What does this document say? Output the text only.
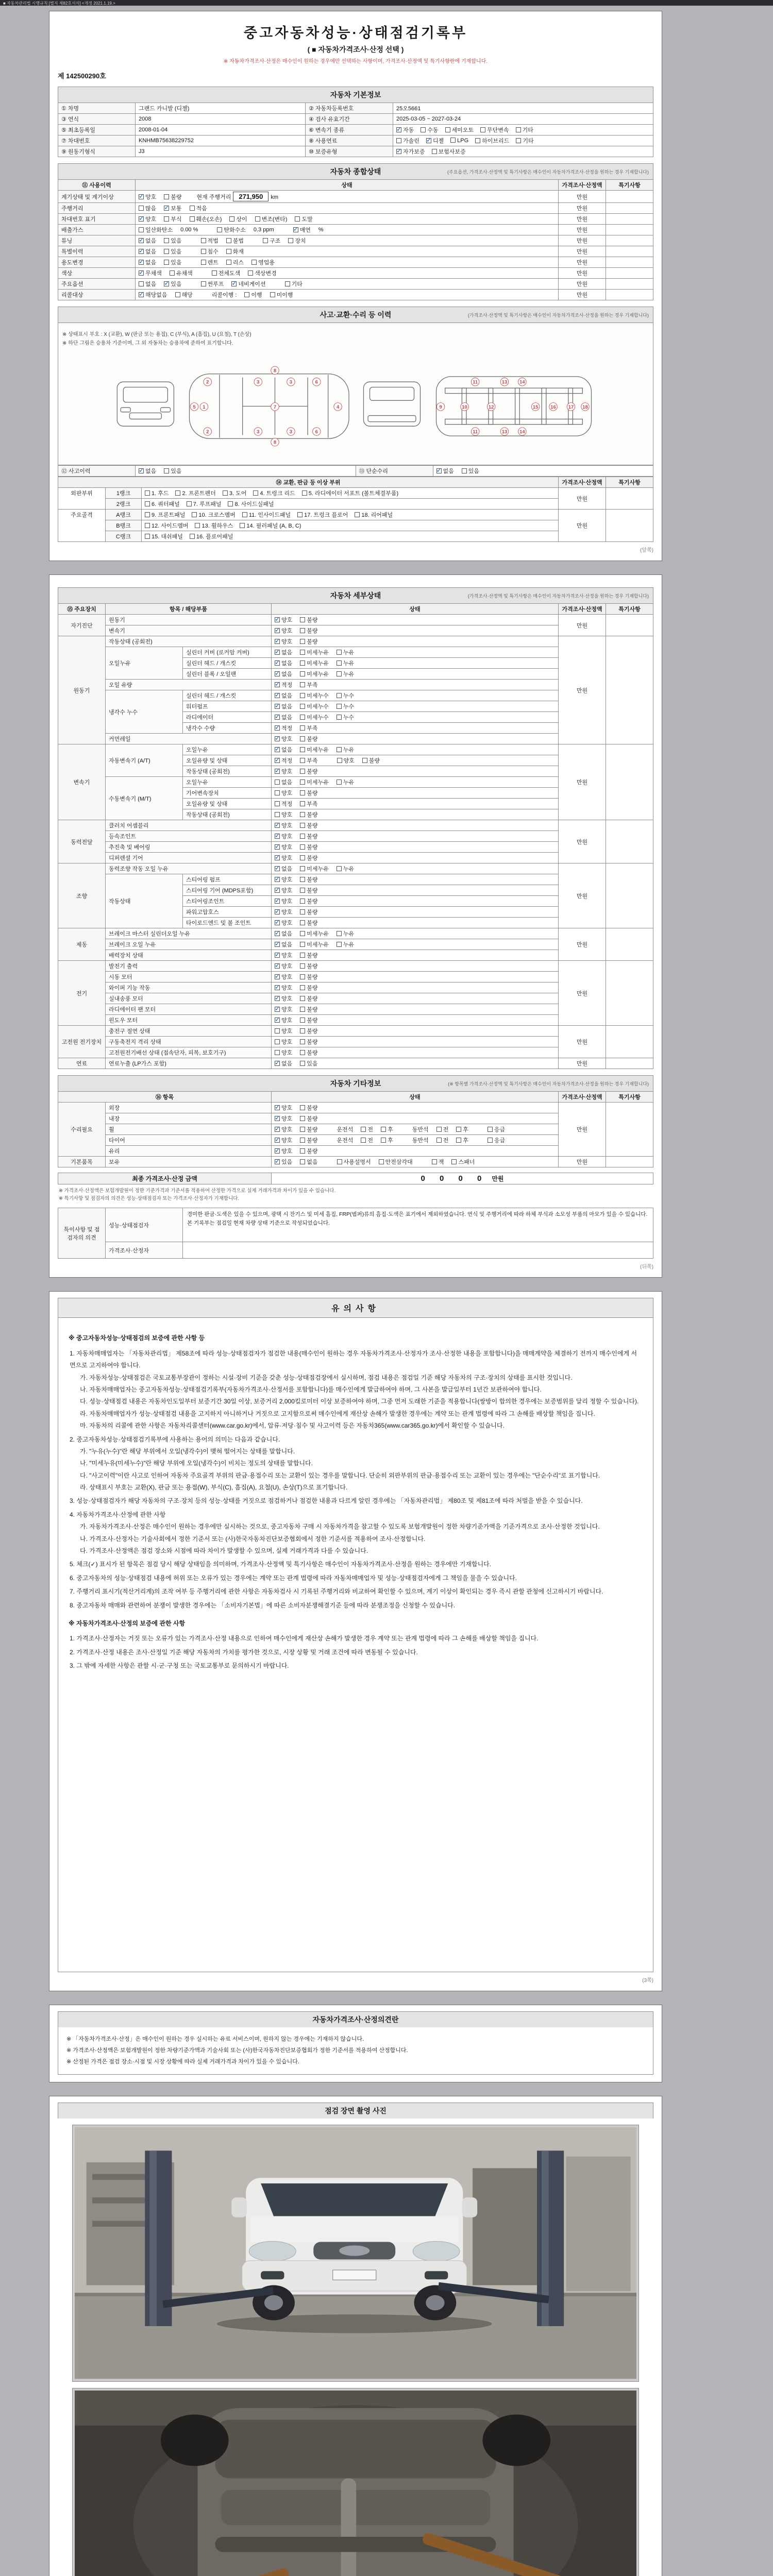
■ 자동차관리법 시행규칙 [별지 제82호서식] <개정 2021.1.19.>
중고자동차성능·상태점검기록부
( ■ 자동차가격조사·산정 선택 )
※ 자동차가격조사·산정은 매수인이 원하는 경우에만 선택하는 사항이며, 가격조사·산정액 및 특기사항란에 기재합니다.
제 142500290호
자동차 기본정보
① 차명	그랜드 카니발 (디젤)	② 자동차등록번호	25오5661
③ 연식	2008	④ 검사 유효기간	2025-03-05 ~ 2027-03-24
⑤ 최초등록일	2008-01-04	⑥ 변속기 종류 ✓	자동	수동	세미오토	무단변속	기타
⑦ 차대번호	KNHMB75638229752	⑧ 사용연료	가솔린 ✓	디젤	LPG	하이브리드	기타
⑨ 원동기형식	J3	⑩ 보증유형 ✓	자가보증	보험사보증
자동차 종합상태	(주요옵션, 가격조사·산정액 및 특기사항은 매수인이 자동차가격조사·산정을 원하는 경우 기재합니다)
⑪ 사용이력	상태	가격조사·산정액	특기사항
계기상태 및 계기이상 ✓	양호	불량	현재 주행거리 271,950 km	만원
주행거리	많음 ✓	보통	적음	만원
차대번호 표기 ✓	양호	부식	훼손(오손)	상이	변조(변타)	도말	만원
배출가스	일산화탄소 0.00 %	탄화수소 0.3 ppm ✓	매연 %	만원
튜닝 ✓	없음	있음	적법	불법	구조	장치	만원
특별이력 ✓	없음	있음	침수	화재	만원
용도변경 ✓	없음	있음	렌트	리스	영업용	만원
색상 ✓	무채색	유채색	전체도색	색상변경	만원
주요옵션	없음 ✓	있음	썬루프 ✓	네비게이션	기타	만원
리콜대상 ✓	해당없음	해당	리콜이행 :	이행	미이행	만원
사고·교환·수리 등 이력	(가격조사·산정액 및 특기사항은 매수인이 자동차가격조사·산정을 원하는 경우 기재합니다)
※ 상태표시 부호 : X (교환), W (판금 또는 용접), C (부식), A (흠집), U (요철), T (손상)
※ 하단 그림은 승용차 기준이며, 그 외 자동차는 승용차에 준하여 표기합니다.
1
2
2
3
3
3
3
4
5
6
6
7
8
8
9	10
11
11
12
13
13
14
14
15 16 17 18
⑫ 사고이력 ✓	없음	있음	⑬ 단순수리 ✓	없음	있음
⑭ 교환, 판금 등 이상 부위	가격조사·산정액	특기사항
외판부위	1랭크	1. 후드	2. 프론트펜더	3. 도어	4. 트렁크 리드	5. 라디에이터 서포트 (볼트체결부품)
2랭크	6. 쿼터패널	7. 루프패널	8. 사이드실패널
만원
주요골격	A랭크	9. 프론트패널	10. 크로스멤버	11. 인사이드패널	17. 트렁크 플로어	18. 리어패널
B랭크	12. 사이드멤버	13. 휠하우스	14. 필러패널 (A, B, C)
C랭크	15. 대쉬패널	16. 플로어패널
만원
(앞쪽)
자동차 세부상태	(가격조사·산정액 및 특기사항은 매수인이 자동차가격조사·산정을 원하는 경우 기재합니다)
⑮ 주요장치	항목 / 해당부품	상태	가격조사·산정액	특기사항
자기진단
원동기 ✓	양호	불량
변속기 ✓	양호	불량
만원
원동기
작동상태 (공회전) ✓	양호	불량
오일누유
실린더 커버 (로커암 커버) ✓	없음	미세누유	누유
실린더 헤드 / 개스킷 ✓	없음	미세누유	누유
실린더 블록 / 오일팬 ✓	없음	미세누유	누유
오일 유량 ✓	적정	부족
냉각수 누수
실린더 헤드 / 개스킷 ✓	없음	미세누수	누수
워터펌프 ✓	없음	미세누수	누수
라디에이터 ✓	없음	미세누수	누수
냉각수 수량 ✓	적정	부족
커먼레일 ✓	양호	불량
만원
변속기
자동변속기 (A/T)
오일누유 ✓	없음	미세누유	누유
오일유량 및 상태 ✓	적정	부족	양호	불량
작동상태 (공회전) ✓	양호	불량
수동변속기 (M/T)
오일누유	없음	미세누유	누유
기어변속장치	양호	불량
오일유량 및 상태	적정	부족
작동상태 (공회전)	양호	불량
만원
동력전달
클러치 어셈블리 ✓	양호	불량
등속조인트 ✓	양호	불량
추진축 및 베어링 ✓	양호	불량
디퍼렌셜 기어 ✓	양호	불량
만원
조향
동력조향 작동 오일 누유 ✓	없음	미세누유	누유
작동상태
스티어링 펌프 ✓	양호	불량
스티어링 기어 (MDPS포함) ✓	양호	불량
스티어링조인트 ✓	양호	불량
파워고압호스 ✓	양호	불량
타이로드엔드 및 볼 조인트 ✓	양호	불량
만원
제동
브레이크 마스터 실린더오일 누유 ✓	없음	미세누유	누유
브레이크 오일 누유 ✓	없음	미세누유	누유
배력장치 상태 ✓	양호	불량
만원
전기
발전기 출력 ✓	양호	불량
시동 모터 ✓	양호	불량
와이퍼 기능 작동 ✓	양호	불량
실내송풍 모터 ✓	양호	불량
라디에이터 팬 모터 ✓	양호	불량
윈도우 모터 ✓	양호	불량
만원
고전원 전기장치
충전구 절연 상태	양호	불량
구동축전지 격리 상태	양호	불량
고전원전기배선 상태 (접속단자, 피복, 보호기구)	양호	불량
만원
연료	연료누출 (LP가스 포함) ✓	없음	있음	만원
자동차 기타정보	(※ 항목별 가격조사·산정액 및 특기사항은 매수인이 자동차가격조사·산정을 원하는 경우 기재합니다)
⑯ 항목	상태	가격조사·산정액	특기사항
수리필요
외장 ✓	양호	불량
내장 ✓	양호	불량
휠 ✓	양호	불량	운전석	전	후	동반석	전	후	응급
타이어 ✓	양호	불량	운전석	전	후	동반석	전	후	응급
유리 ✓	양호	불량
만원
기본품목	보유 ✓	있음	없음	사용설명서	안전삼각대	잭	스패너	만원
최종 가격조사·산정 금액	0 0 0 0 만원
※ 가격조사·산정액은 보험개발원이 정한 기준가격과 기준서를 적용하여 산정한 가격으로 실제 거래가격과 차이가 있을 수 있습니다.
※ 특기사항 및 점검자의 의견은 성능·상태점검자 또는 가격조사·산정자가 기재합니다.
특이사항 및 점검자의 의견
성능·상태점검자
경미한 판금·도색은 있을 수 있으며, 광택 시 잔기스 및 미세 흠집, FRP(범퍼)류의 흠집·도색은 표기에서 제외하였습니다. 연식 및 주행거리에 따라 하체 부식과 소모성 부품의 마모가 있을 수 있습니다. 본 기록부는 점검일 현재 차량 상태 기준으로 작성되었습니다.
가격조사·산정자
(뒤쪽)
유의사항
※ 중고자동차성능·상태점검의 보증에 관한 사항 등
1. 자동차매매업자는 「자동차관리법」 제58조에 따라 성능·상태점검자가 점검한 내용(매수인이 원하는 경우 자동차가격조사·산정자가 조사·산정한 내용을 포함합니다)을 매매계약을 체결하기 전까지 매수인에게 서면으로 고지하여야 합니다.
가. 자동차성능·상태점검은 국토교통부장관이 정하는 시설·장비 기준을 갖춘 성능·상태점검장에서 실시하며, 점검 내용은 점검일 기준 해당 자동차의 구조·장치의 상태를 표시한 것입니다.
나. 자동차매매업자는 중고자동차성능·상태점검기록부(자동차가격조사·산정서를 포함합니다)를 매수인에게 발급하여야 하며, 그 사본을 발급일부터 1년간 보관하여야 합니다.
다. 성능·상태점검 내용은 자동차인도일부터 보증기간 30일 이상, 보증거리 2,000킬로미터 이상 보증하여야 하며, 그중 먼저 도래한 기준을 적용합니다(쌍방이 합의한 경우에는 보증범위를 달리 정할 수 있습니다).
라. 자동차매매업자가 성능·상태점검 내용을 고지하지 아니하거나 거짓으로 고지함으로써 매수인에게 재산상 손해가 발생한 경우에는 계약 또는 관계 법령에 따라 그 손해를 배상할 책임을 집니다.
마. 자동차의 리콜에 관한 사항은 자동차리콜센터(www.car.go.kr)에서, 압류·저당·침수 및 사고이력 등은 자동차365(www.car365.go.kr)에서 확인할 수 있습니다.
2. 중고자동차성능·상태점검기록부에 사용하는 용어의 의미는 다음과 같습니다.
가. "누유(누수)"란 해당 부위에서 오일(냉각수)이 맺혀 떨어지는 상태를 말합니다.
나. "미세누유(미세누수)"란 해당 부위에 오일(냉각수)이 비치는 정도의 상태를 말합니다.
다. "사고이력"이란 사고로 인하여 자동차 주요골격 부위의 판금·용접수리 또는 교환이 있는 경우를 말합니다. 단순히 외판부위의 판금·용접수리 또는 교환이 있는 경우에는 "단순수리"로 표기합니다.
라. 상태표시 부호는 교환(X), 판금 또는 용접(W), 부식(C), 흠집(A), 요철(U), 손상(T)으로 표기합니다.
3. 성능·상태점검자가 해당 자동차의 구조·장치 등의 성능·상태를 거짓으로 점검하거나 점검한 내용과 다르게 알린 경우에는 「자동차관리법」 제80조 및 제81조에 따라 처벌을 받을 수 있습니다.
4. 자동차가격조사·산정에 관한 사항
가. 자동차가격조사·산정은 매수인이 원하는 경우에만 실시하는 것으로, 중고자동차 구매 시 자동차가격을 참고할 수 있도록 보험개발원이 정한 차량기준가액을 기준가격으로 조사·산정한 것입니다.
나. 가격조사·산정자는 기술사회에서 정한 기준서 또는 (사)한국자동차진단보증협회에서 정한 기준서를 적용하여 조사·산정합니다.
다. 가격조사·산정액은 점검 장소와 시점에 따라 차이가 발생할 수 있으며, 실제 거래가격과 다를 수 있습니다.
5. 체크(✓) 표시가 된 항목은 점검 당시 해당 상태임을 의미하며, 가격조사·산정액 및 특기사항은 매수인이 자동차가격조사·산정을 원하는 경우에만 기재합니다.
6. 중고자동차의 성능·상태점검 내용에 허위 또는 오류가 있는 경우에는 계약 또는 관계 법령에 따라 자동차매매업자 및 성능·상태점검자에게 그 책임을 물을 수 있습니다.
7. 주행거리 표시기(적산거리계)의 조작 여부 등 주행거리에 관한 사항은 자동차검사 시 기록된 주행거리와 비교하여 확인할 수 있으며, 계기 이상이 확인되는 경우 즉시 관할 관청에 신고하시기 바랍니다.
8. 중고자동차 매매와 관련하여 분쟁이 발생한 경우에는 「소비자기본법」에 따른 소비자분쟁해결기준 등에 따라 분쟁조정을 신청할 수 있습니다.
※ 자동차가격조사·산정의 보증에 관한 사항
1. 가격조사·산정자는 거짓 또는 오류가 있는 가격조사·산정 내용으로 인하여 매수인에게 재산상 손해가 발생한 경우 계약 또는 관계 법령에 따라 그 손해를 배상할 책임을 집니다.
2. 가격조사·산정 내용은 조사·산정일 기준 해당 자동차의 가치를 평가한 것으로, 시장 상황 및 거래 조건에 따라 변동될 수 있습니다.
3. 그 밖에 자세한 사항은 관할 시·군·구청 또는 국토교통부로 문의하시기 바랍니다.
(3쪽)
자동차가격조사·산정의견란
※ 「자동차가격조사·산정」은 매수인이 원하는 경우 실시하는 유료 서비스이며, 원하지 않는 경우에는 기재하지 않습니다.
※ 가격조사·산정액은 보험개발원이 정한 차량기준가액과 기술사회 또는 (사)한국자동차진단보증협회가 정한 기준서를 적용하여 산정합니다.
※ 산정된 가격은 점검 장소·시점 및 시장 상황에 따라 실제 거래가격과 차이가 있을 수 있습니다.
점검 장면 촬영 사진
